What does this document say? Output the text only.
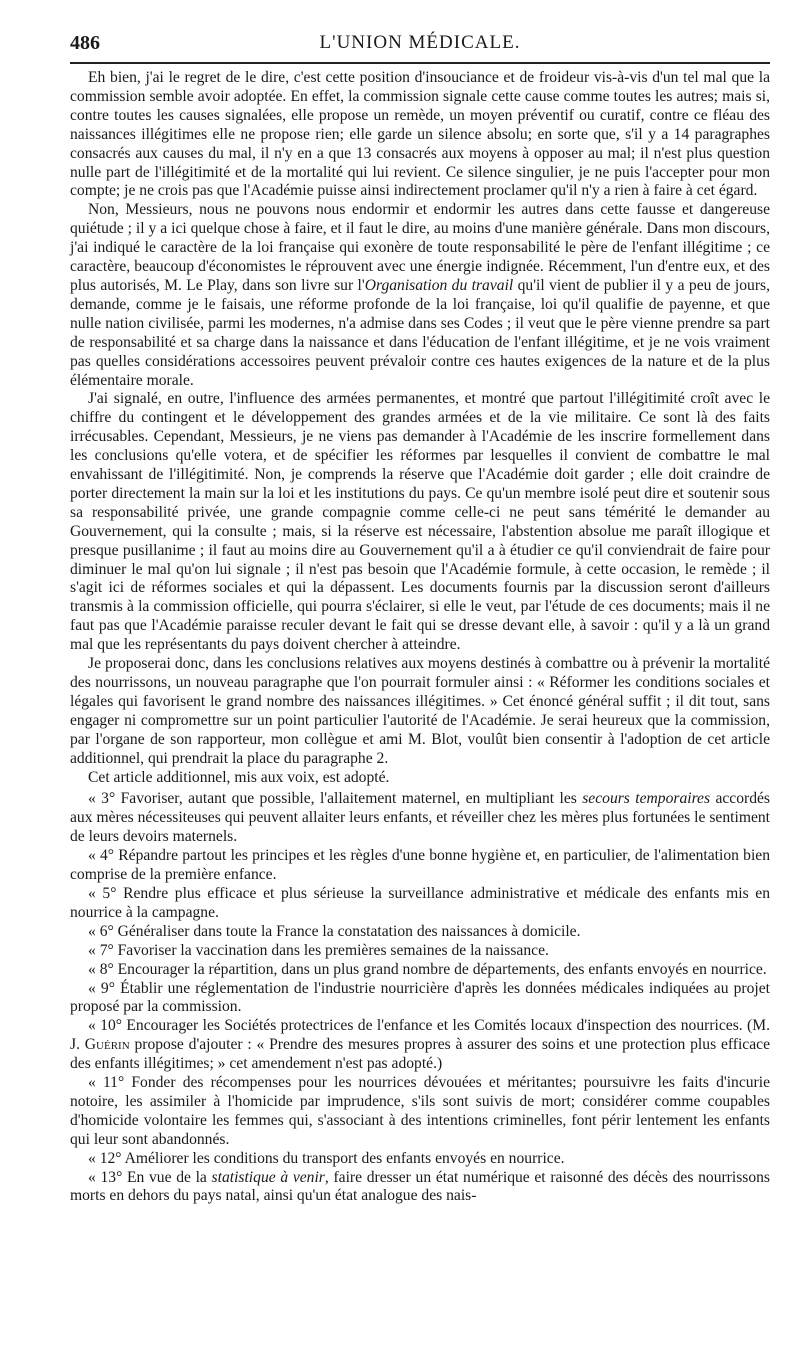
486	L'UNION MÉDICALE.

Eh bien, j'ai le regret de le dire, c'est cette position d'insouciance et de froideur vis-à-vis d'un tel mal que la commission semble avoir adoptée. En effet, la commission signale cette cause comme toutes les autres; mais si, contre toutes les causes signalées, elle propose un remède, un moyen préventif ou curatif, contre ce fléau des naissances illégitimes elle ne propose rien; elle garde un silence absolu; en sorte que, s'il y a 14 paragraphes consacrés aux causes du mal, il n'y en a que 13 consacrés aux moyens à opposer au mal; il n'est plus question nulle part de l'illégitimité et de la mortalité qui lui revient. Ce silence singulier, je ne puis l'accepter pour mon compte; je ne crois pas que l'Académie puisse ainsi indirectement proclamer qu'il n'y a rien à faire à cet égard.

Non, Messieurs, nous ne pouvons nous endormir et endormir les autres dans cette fausse et dangereuse quiétude ; il y a ici quelque chose à faire, et il faut le dire, au moins d'une manière générale. Dans mon discours, j'ai indiqué le caractère de la loi française qui exonère de toute responsabilité le père de l'enfant illégitime ; ce caractère, beaucoup d'économistes le réprouvent avec une énergie indignée. Récemment, l'un d'entre eux, et des plus autorisés, M. Le Play, dans son livre sur l'Organisation du travail qu'il vient de publier il y a peu de jours, demande, comme je le faisais, une réforme profonde de la loi française, loi qu'il qualifie de payenne, et que nulle nation civilisée, parmi les modernes, n'a admise dans ses Codes ; il veut que le père vienne prendre sa part de responsabilité et sa charge dans la naissance et dans l'éducation de l'enfant illégitime, et je ne vois vraiment pas quelles considérations accessoires peuvent prévaloir contre ces hautes exigences de la nature et de la plus élémentaire morale.

J'ai signalé, en outre, l'influence des armées permanentes, et montré que partout l'illégitimité croît avec le chiffre du contingent et le développement des grandes armées et de la vie militaire. Ce sont là des faits irrécusables. Cependant, Messieurs, je ne viens pas demander à l'Académie de les inscrire formellement dans les conclusions qu'elle votera, et de spécifier les réformes par lesquelles il convient de combattre le mal envahissant de l'illégitimité. Non, je comprends la réserve que l'Académie doit garder ; elle doit craindre de porter directement la main sur la loi et les institutions du pays. Ce qu'un membre isolé peut dire et soutenir sous sa responsabilité privée, une grande compagnie comme celle-ci ne peut sans témérité le demander au Gouvernement, qui la consulte ; mais, si la réserve est nécessaire, l'abstention absolue me paraît illogique et presque pusillanime ; il faut au moins dire au Gouvernement qu'il a à étudier ce qu'il conviendrait de faire pour diminuer le mal qu'on lui signale ; il n'est pas besoin que l'Académie formule, à cette occasion, le remède ; il s'agit ici de réformes sociales et qui la dépassent. Les documents fournis par la discussion seront d'ailleurs transmis à la commission officielle, qui pourra s'éclairer, si elle le veut, par l'étude de ces documents; mais il ne faut pas que l'Académie paraisse reculer devant le fait qui se dresse devant elle, à savoir : qu'il y a là un grand mal que les représentants du pays doivent chercher à atteindre.

Je proposerai donc, dans les conclusions relatives aux moyens destinés à combattre ou à prévenir la mortalité des nourrissons, un nouveau paragraphe que l'on pourrait formuler ainsi : « Réformer les conditions sociales et légales qui favorisent le grand nombre des naissances illégitimes. » Cet énoncé général suffit ; il dit tout, sans engager ni compromettre sur un point particulier l'autorité de l'Académie. Je serai heureux que la commission, par l'organe de son rapporteur, mon collègue et ami M. Blot, voulût bien consentir à l'adoption de cet article additionnel, qui prendrait la place du paragraphe 2.

Cet article additionnel, mis aux voix, est adopté.

« 3° Favoriser, autant que possible, l'allaitement maternel, en multipliant les secours temporaires accordés aux mères nécessiteuses qui peuvent allaiter leurs enfants, et réveiller chez les mères plus fortunées le sentiment de leurs devoirs maternels.

« 4° Répandre partout les principes et les règles d'une bonne hygiène et, en particulier, de l'alimentation bien comprise de la première enfance.

« 5° Rendre plus efficace et plus sérieuse la surveillance administrative et médicale des enfants mis en nourrice à la campagne.

« 6° Généraliser dans toute la France la constatation des naissances à domicile.

« 7° Favoriser la vaccination dans les premières semaines de la naissance.

« 8° Encourager la répartition, dans un plus grand nombre de départements, des enfants envoyés en nourrice.

« 9° Établir une réglementation de l'industrie nourricière d'après les données médicales indiquées au projet proposé par la commission.

« 10° Encourager les Sociétés protectrices de l'enfance et les Comités locaux d'inspection des nourrices. (M. J. Guérin propose d'ajouter : « Prendre des mesures propres à assurer des soins et une protection plus efficace des enfants illégitimes; » cet amendement n'est pas adopté.)

« 11° Fonder des récompenses pour les nourrices dévouées et méritantes; poursuivre les faits d'incurie notoire, les assimiler à l'homicide par imprudence, s'ils sont suivis de mort; considérer comme coupables d'homicide volontaire les femmes qui, s'associant à des intentions criminelles, font périr lentement les enfants qui leur sont abandonnés.

« 12° Améliorer les conditions du transport des enfants envoyés en nourrice.

« 13° En vue de la statistique à venir, faire dresser un état numérique et raisonné des décès des nourrissons morts en dehors du pays natal, ainsi qu'un état analogue des nais-
